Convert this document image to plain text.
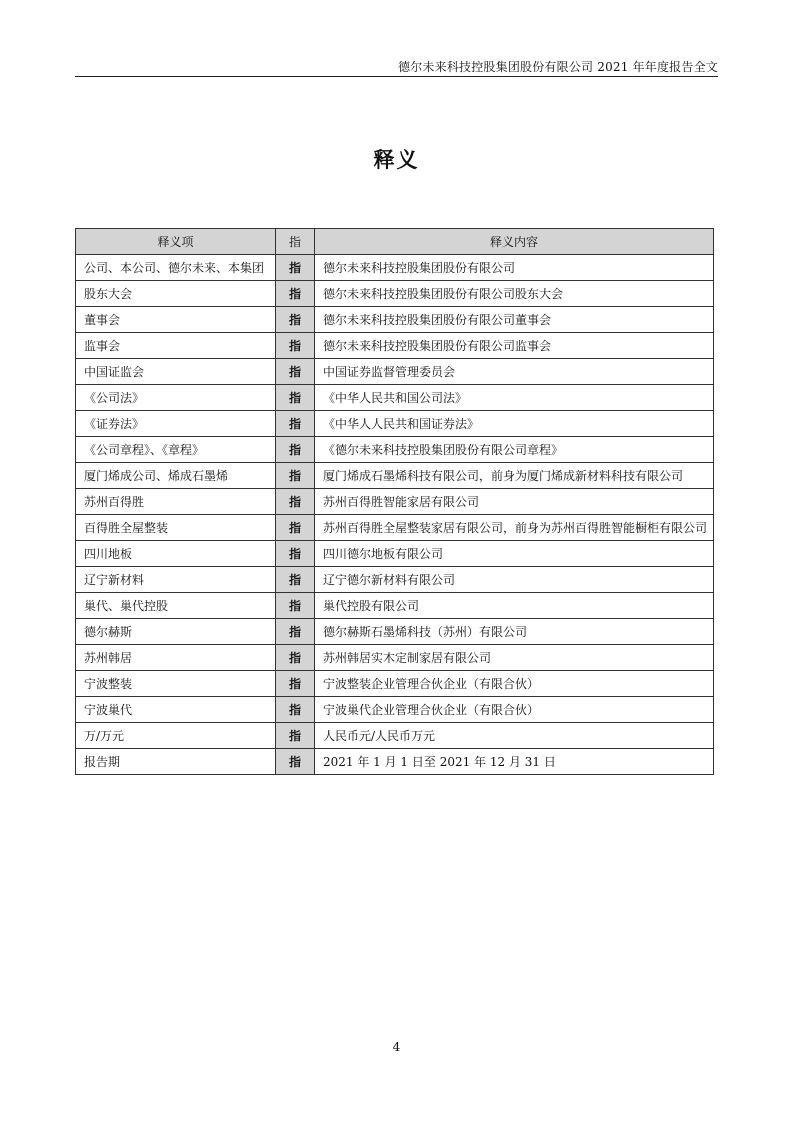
德尔未来科技控股集团股份有限公司 2021 年年度报告全文
释义
释义项	指	释义内容
公司、本公司、德尔未来、本集团	指	德尔未来科技控股集团股份有限公司
股东大会	指	德尔未来科技控股集团股份有限公司股东大会
董事会	指	德尔未来科技控股集团股份有限公司董事会
监事会	指	德尔未来科技控股集团股份有限公司监事会
中国证监会	指	中国证券监督管理委员会
《公司法》	指	《中华人民共和国公司法》
《证券法》	指	《中华人人民共和国证券法》
《公司章程》、《章程》	指	《德尔未来科技控股集团股份有限公司章程》
厦门烯成公司、烯成石墨烯	指	厦门烯成石墨烯科技有限公司，前身为厦门烯成新材料科技有限公司
苏州百得胜	指	苏州百得胜智能家居有限公司
百得胜全屋整装	指	苏州百得胜全屋整装家居有限公司，前身为苏州百得胜智能橱柜有限公司
四川地板	指	四川德尔地板有限公司
辽宁新材料	指	辽宁德尔新材料有限公司
巢代、巢代控股	指	巢代控股有限公司
德尔赫斯	指	德尔赫斯石墨烯科技（苏州）有限公司
苏州韩居	指	苏州韩居实木定制家居有限公司
宁波整装	指	宁波整装企业管理合伙企业（有限合伙）
宁波巢代	指	宁波巢代企业管理合伙企业（有限合伙）
万/万元	指	人民币元/人民币万元
报告期	指	2021 年 1 月 1 日至 2021 年 12 月 31 日
4
